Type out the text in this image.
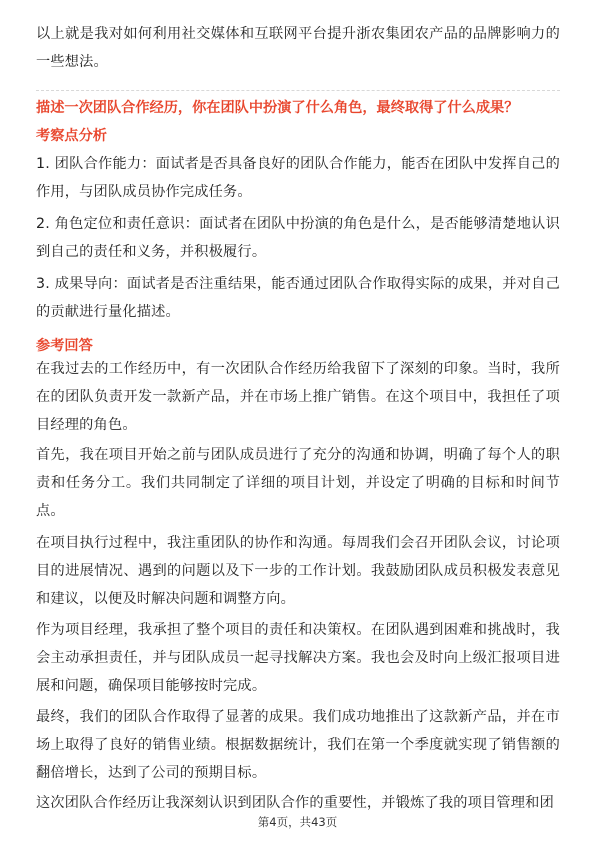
以上就是我对如何利用社交媒体和互联网平台提升浙农集团农产品的品牌影响力的一些想法。

描述一次团队合作经历，你在团队中扮演了什么角色，最终取得了什么成果？

考察点分析

1. 团队合作能力：面试者是否具备良好的团队合作能力，能否在团队中发挥自己的作用，与团队成员协作完成任务。

2. 角色定位和责任意识：面试者在团队中扮演的角色是什么，是否能够清楚地认识到自己的责任和义务，并积极履行。

3. 成果导向：面试者是否注重结果，能否通过团队合作取得实际的成果，并对自己的贡献进行量化描述。

参考回答

在我过去的工作经历中，有一次团队合作经历给我留下了深刻的印象。当时，我所在的团队负责开发一款新产品，并在市场上推广销售。在这个项目中，我担任了项目经理的角色。

首先，我在项目开始之前与团队成员进行了充分的沟通和协调，明确了每个人的职责和任务分工。我们共同制定了详细的项目计划，并设定了明确的目标和时间节点。

在项目执行过程中，我注重团队的协作和沟通。每周我们会召开团队会议，讨论项目的进展情况、遇到的问题以及下一步的工作计划。我鼓励团队成员积极发表意见和建议，以便及时解决问题和调整方向。

作为项目经理，我承担了整个项目的责任和决策权。在团队遇到困难和挑战时，我会主动承担责任，并与团队成员一起寻找解决方案。我也会及时向上级汇报项目进展和问题，确保项目能够按时完成。

最终，我们的团队合作取得了显著的成果。我们成功地推出了这款新产品，并在市场上取得了良好的销售业绩。根据数据统计，我们在第一个季度就实现了销售额的翻倍增长，达到了公司的预期目标。

这次团队合作经历让我深刻认识到团队合作的重要性，并锻炼了我的项目管理和团

第4页，共43页
